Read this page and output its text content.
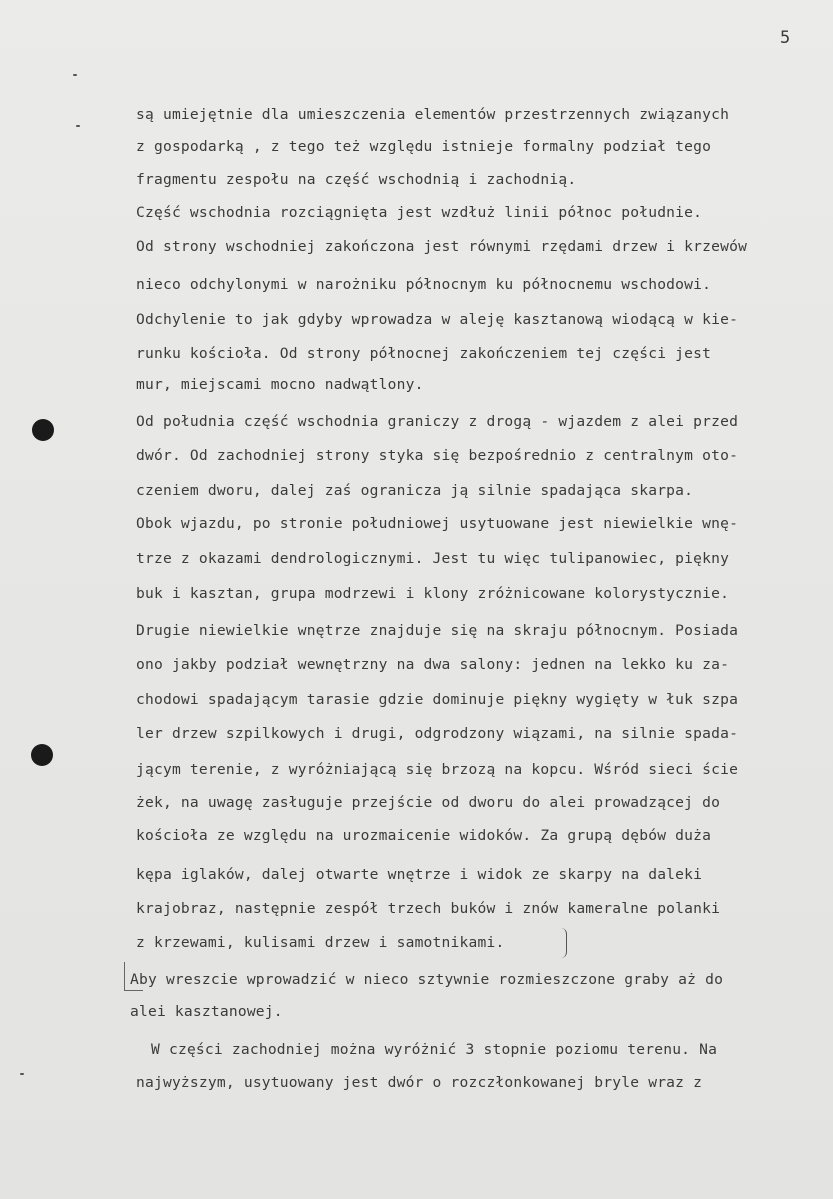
5
są umiejętnie dla umieszczenia elementów przestrzennych związanych
z gospodarką , z tego też względu istnieje formalny podział tego
fragmentu zespołu na część wschodnią i zachodnią.
Część wschodnia rozciągnięta jest wzdłuż linii północ południe.
Od strony wschodniej zakończona jest równymi rzędami drzew i krzewów
nieco odchylonymi w narożniku północnym ku północnemu wschodowi.
Odchylenie to jak gdyby wprowadza w aleję kasztanową wiodącą w kie-
runku kościoła. Od strony północnej zakończeniem tej części jest
mur, miejscami mocno nadwątlony.
Od południa część wschodnia graniczy z drogą - wjazdem z alei przed
dwór. Od zachodniej strony styka się bezpośrednio z centralnym oto-
czeniem dworu, dalej zaś ogranicza ją silnie spadająca skarpa.
Obok wjazdu, po stronie południowej usytuowane jest niewielkie wnę-
trze z okazami dendrologicznymi. Jest tu więc tulipanowiec, piękny
buk i kasztan, grupa modrzewi i klony zróżnicowane kolorystycznie.
Drugie niewielkie wnętrze znajduje się na skraju północnym. Posiada
ono jakby podział wewnętrzny na dwa salony: jednen na lekko ku za-
chodowi spadającym tarasie gdzie dominuje piękny wygięty w łuk szpa
ler drzew szpilkowych i drugi, odgrodzony wiązami, na silnie spada-
jącym terenie, z wyróżniającą się brzozą na kopcu. Wśród sieci ście
żek, na uwagę zasługuje przejście od dworu do alei prowadzącej do
kościoła ze względu na urozmaicenie widoków. Za grupą dębów duża
kępa iglaków, dalej otwarte wnętrze i widok ze skarpy na daleki
krajobraz, następnie zespół trzech buków i znów kameralne polanki
z krzewami, kulisami drzew i samotnikami.
Aby wreszcie wprowadzić w nieco sztywnie rozmieszczone graby aż do
alei kasztanowej.
W części zachodniej można wyróżnić 3 stopnie poziomu terenu. Na
najwyższym, usytuowany jest dwór o rozczłonkowanej bryle wraz z
